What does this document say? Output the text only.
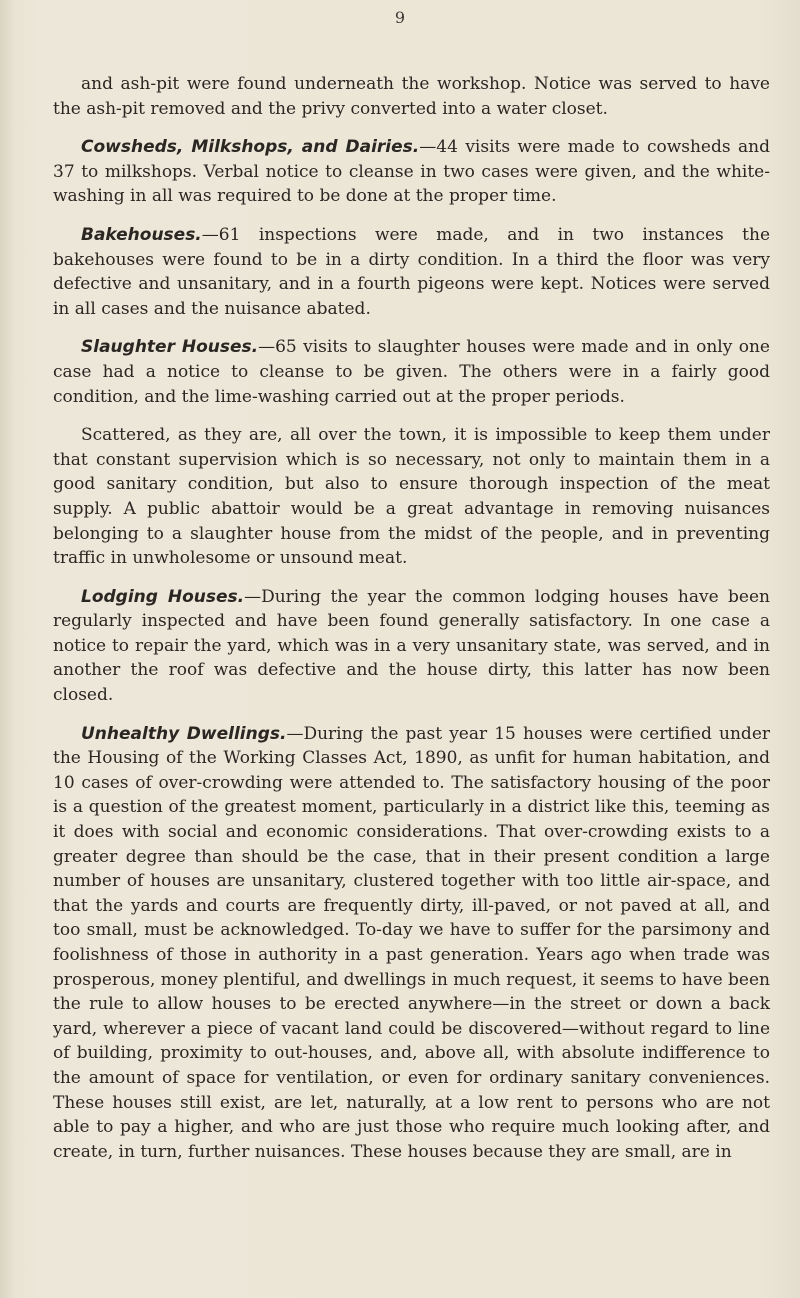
9

and ash-pit were found underneath the workshop. Notice was served to have the ash-pit removed and the privy converted into a water closet.

Cowsheds, Milkshops, and Dairies.—44 visits were made to cowsheds and 37 to milkshops. Verbal notice to cleanse in two cases were given, and the white-washing in all was required to be done at the proper time.

Bakehouses.—61 inspections were made, and in two instances the bakehouses were found to be in a dirty condition. In a third the floor was very defective and unsanitary, and in a fourth pigeons were kept. Notices were served in all cases and the nuisance abated.

Slaughter Houses.—65 visits to slaughter houses were made and in only one case had a notice to cleanse to be given. The others were in a fairly good condition, and the lime-washing carried out at the proper periods.

Scattered, as they are, all over the town, it is impossible to keep them under that constant supervision which is so necessary, not only to maintain them in a good sanitary condition, but also to ensure thorough inspection of the meat supply. A public abattoir would be a great advantage in removing nuisances belonging to a slaughter house from the midst of the people, and in preventing traffic in unwholesome or unsound meat.

Lodging Houses.—During the year the common lodging houses have been regularly inspected and have been found generally satisfactory. In one case a notice to repair the yard, which was in a very unsanitary state, was served, and in another the roof was defective and the house dirty, this latter has now been closed.

Unhealthy Dwellings.—During the past year 15 houses were certified under the Housing of the Working Classes Act, 1890, as unfit for human habitation, and 10 cases of over-crowding were attended to. The satisfactory housing of the poor is a question of the greatest moment, particularly in a district like this, teeming as it does with social and economic considerations. That over-crowding exists to a greater degree than should be the case, that in their present condition a large number of houses are unsanitary, clustered together with too little air-space, and that the yards and courts are frequently dirty, ill-paved, or not paved at all, and too small, must be acknowledged. To-day we have to suffer for the parsimony and foolishness of those in authority in a past generation. Years ago when trade was prosperous, money plentiful, and dwellings in much request, it seems to have been the rule to allow houses to be erected anywhere—in the street or down a back yard, wherever a piece of vacant land could be discovered—without regard to line of building, proximity to out-houses, and, above all, with absolute indifference to the amount of space for ventilation, or even for ordinary sanitary conveniences. These houses still exist, are let, naturally, at a low rent to persons who are not able to pay a higher, and who are just those who require much looking after, and create, in turn, further nuisances. These houses because they are small, are in
